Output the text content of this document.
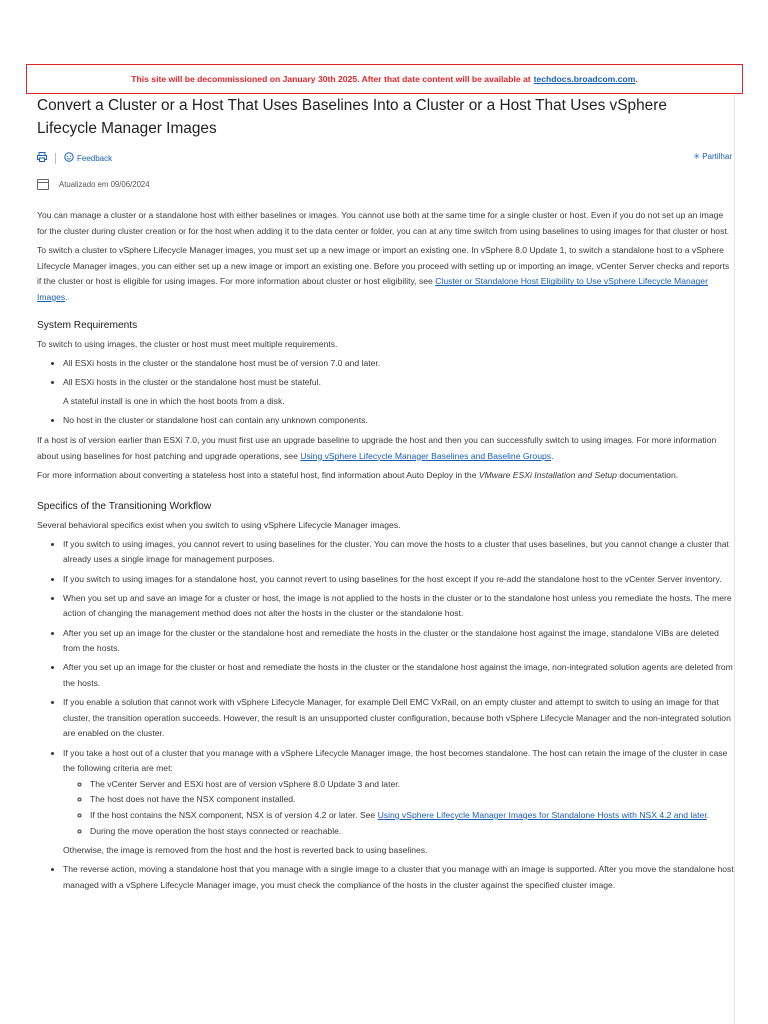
This site will be decommissioned on January 30th 2025. After that date content will be available at techdocs.broadcom.com .
Convert a Cluster or a Host That Uses Baselines Into a Cluster or a Host That Uses vSphere Lifecycle Manager Images
Feedback	✳︎ Partilhar
Atualizado em 09/06/2024

You can manage a cluster or a standalone host with either baselines or images. You cannot use both at the same time for a single cluster or host. Even if you do not set up an image for the cluster during cluster creation or for the host when adding it to the data center or folder, you can at any time switch from using baselines to using images for that cluster or host.

To switch a cluster to vSphere Lifecycle Manager images, you must set up a new image or import an existing one. In vSphere 8.0 Update 1, to switch a standalone host to a vSphere Lifecycle Manager images, you can either set up a new image or import an existing one. Before you proceed with setting up or importing an image, vCenter Server checks and reports if the cluster or host is eligible for using images. For more information about cluster or host eligibility, see Cluster or Standalone Host Eligibility to Use vSphere Lifecycle Manager Images.

System Requirements

To switch to using images, the cluster or host must meet multiple requirements.

• All ESXi hosts in the cluster or the standalone host must be of version 7.0 and later.
• All ESXi hosts in the cluster or the standalone host must be stateful.
A stateful install is one in which the host boots from a disk.
• No host in the cluster or standalone host can contain any unknown components.

If a host is of version earlier than ESXi 7.0, you must first use an upgrade baseline to upgrade the host and then you can successfully switch to using images. For more information about using baselines for host patching and upgrade operations, see Using vSphere Lifecycle Manager Baselines and Baseline Groups.

For more information about converting a stateless host into a stateful host, find information about Auto Deploy in the VMware ESXi Installation and Setup documentation.

Specifics of the Transitioning Workflow

Several behavioral specifics exist when you switch to using vSphere Lifecycle Manager images.

• If you switch to using images, you cannot revert to using baselines for the cluster. You can move the hosts to a cluster that uses baselines, but you cannot change a cluster that already uses a single image for management purposes.
• If you switch to using images for a standalone host, you cannot revert to using baselines for the host except if you re-add the standalone host to the vCenter Server inventory.
• When you set up and save an image for a cluster or host, the image is not applied to the hosts in the cluster or to the standalone host unless you remediate the hosts. The mere action of changing the management method does not alter the hosts in the cluster or the standalone host.
• After you set up an image for the cluster or the standalone host and remediate the hosts in the cluster or the standalone host against the image, standalone VIBs are deleted from the hosts.
• After you set up an image for the cluster or host and remediate the hosts in the cluster or the standalone host against the image, non-integrated solution agents are deleted from the hosts.
• If you enable a solution that cannot work with vSphere Lifecycle Manager, for example Dell EMC VxRail, on an empty cluster and attempt to switch to using an image for that cluster, the transition operation succeeds. However, the result is an unsupported cluster configuration, because both vSphere Lifecycle Manager and the non-integrated solution are enabled on the cluster.
• If you take a host out of a cluster that you manage with a vSphere Lifecycle Manager image, the host becomes standalone. The host can retain the image of the cluster in case the following criteria are met:
◦ The vCenter Server and ESXi host are of version vSphere 8.0 Update 3 and later.
◦ The host does not have the NSX component installed.
◦ If the host contains the NSX component, NSX is of version 4.2 or later. See Using vSphere Lifecycle Manager Images for Standalone Hosts with NSX 4.2 and later.
◦ During the move operation the host stays connected or reachable.
Otherwise, the image is removed from the host and the host is reverted back to using baselines.
• The reverse action, moving a standalone host that you manage with a single image to a cluster that you manage with an image is supported. After you move the standalone host managed with a vSphere Lifecycle Manager image, you must check the compliance of the hosts in the cluster against the specified cluster image.
